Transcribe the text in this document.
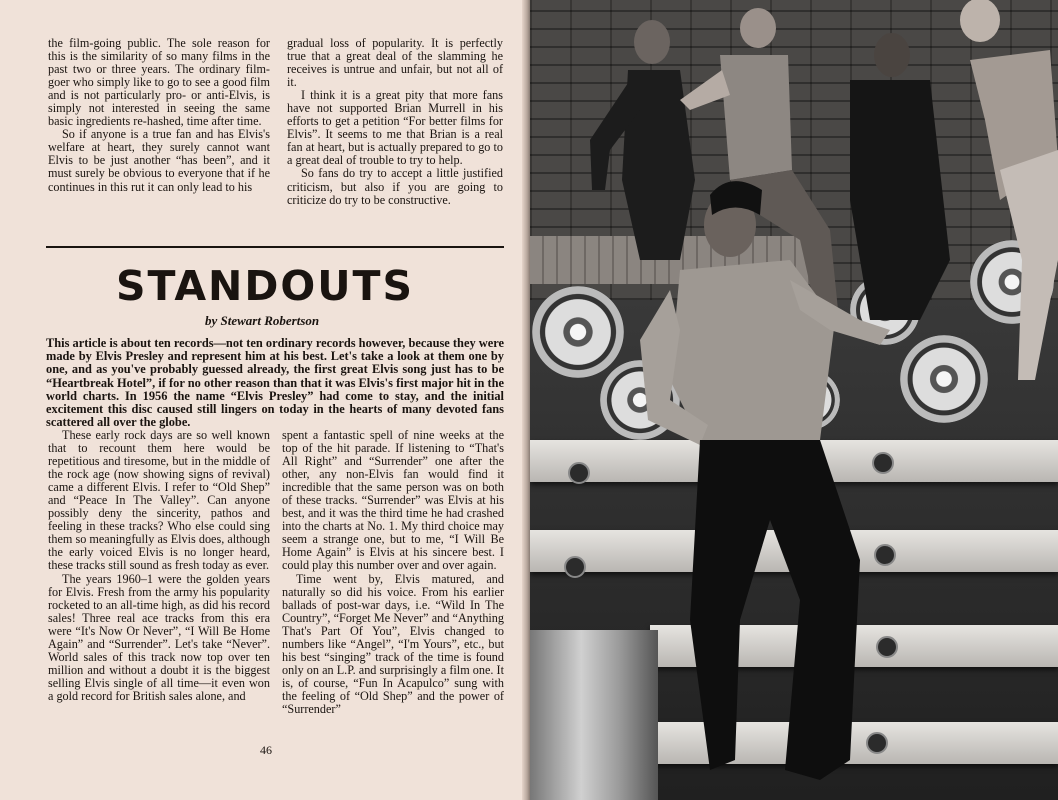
the film-going public. The sole reason for this is the similarity of so many films in the past two or three years. The ordinary film-goer who simply like to go to see a good film and is not particularly pro- or anti-Elvis, is simply not interested in seeing the same basic ingredients re-hashed, time after time.

So if anyone is a true fan and has Elvis's welfare at heart, they surely cannot want Elvis to be just another “has been”, and it must surely be obvious to everyone that if he continues in this rut it can only lead to his

gradual loss of popularity. It is perfectly true that a great deal of the slamming he receives is untrue and unfair, but not all of it.

I think it is a great pity that more fans have not supported Brian Murrell in his efforts to get a petition “For better films for Elvis”. It seems to me that Brian is a real fan at heart, but is actually prepared to go to a great deal of trouble to try to help.

So fans do try to accept a little justified criticism, but also if you are going to criticize do try to be constructive.

STANDOUTS
by Stewart Robertson
This article is about ten records—not ten ordinary records however, because they were made by Elvis Presley and represent him at his best. Let's take a look at them one by one, and as you've probably guessed already, the first great Elvis song just has to be “Heartbreak Hotel”, if for no other reason than that it was Elvis's first major hit in the world charts. In 1956 the name “Elvis Presley” had come to stay, and the initial excitement this disc caused still lingers on today in the hearts of many devoted fans scattered all over the globe.

These early rock days are so well known that to recount them here would be repetitious and tiresome, but in the middle of the rock age (now showing signs of revival) came a different Elvis. I refer to “Old Shep” and “Peace In The Valley”. Can anyone possibly deny the sincerity, pathos and feeling in these tracks? Who else could sing them so meaningfully as Elvis does, although the early voiced Elvis is no longer heard, these tracks still sound as fresh today as ever.

The years 1960–1 were the golden years for Elvis. Fresh from the army his popularity rocketed to an all-time high, as did his record sales! Three real ace tracks from this era were “It's Now Or Never”, “I Will Be Home Again” and “Surrender”. Let's take “Never”. World sales of this track now top over ten million and without a doubt it is the biggest selling Elvis single of all time—it even won a gold record for British sales alone, and

spent a fantastic spell of nine weeks at the top of the hit parade. If listening to “That's All Right” and “Surrender” one after the other, any non-Elvis fan would find it incredible that the same person was on both of these tracks. “Surrender” was Elvis at his best, and it was the third time he had crashed into the charts at No. 1. My third choice may seem a strange one, but to me, “I Will Be Home Again” is Elvis at his sincere best. I could play this number over and over again.

Time went by, Elvis matured, and naturally so did his voice. From his earlier ballads of post-war days, i.e. “Wild In The Country”, “Forget Me Never” and “Anything That's Part Of You”, Elvis changed to numbers like “Angel”, “I'm Yours”, etc., but his best “singing” track of the time is found only on an L.P. and surprisingly a film one. It is, of course, “Fun In Acapulco” sung with the feeling of “Old Shep” and the power of “Surrender”

46
